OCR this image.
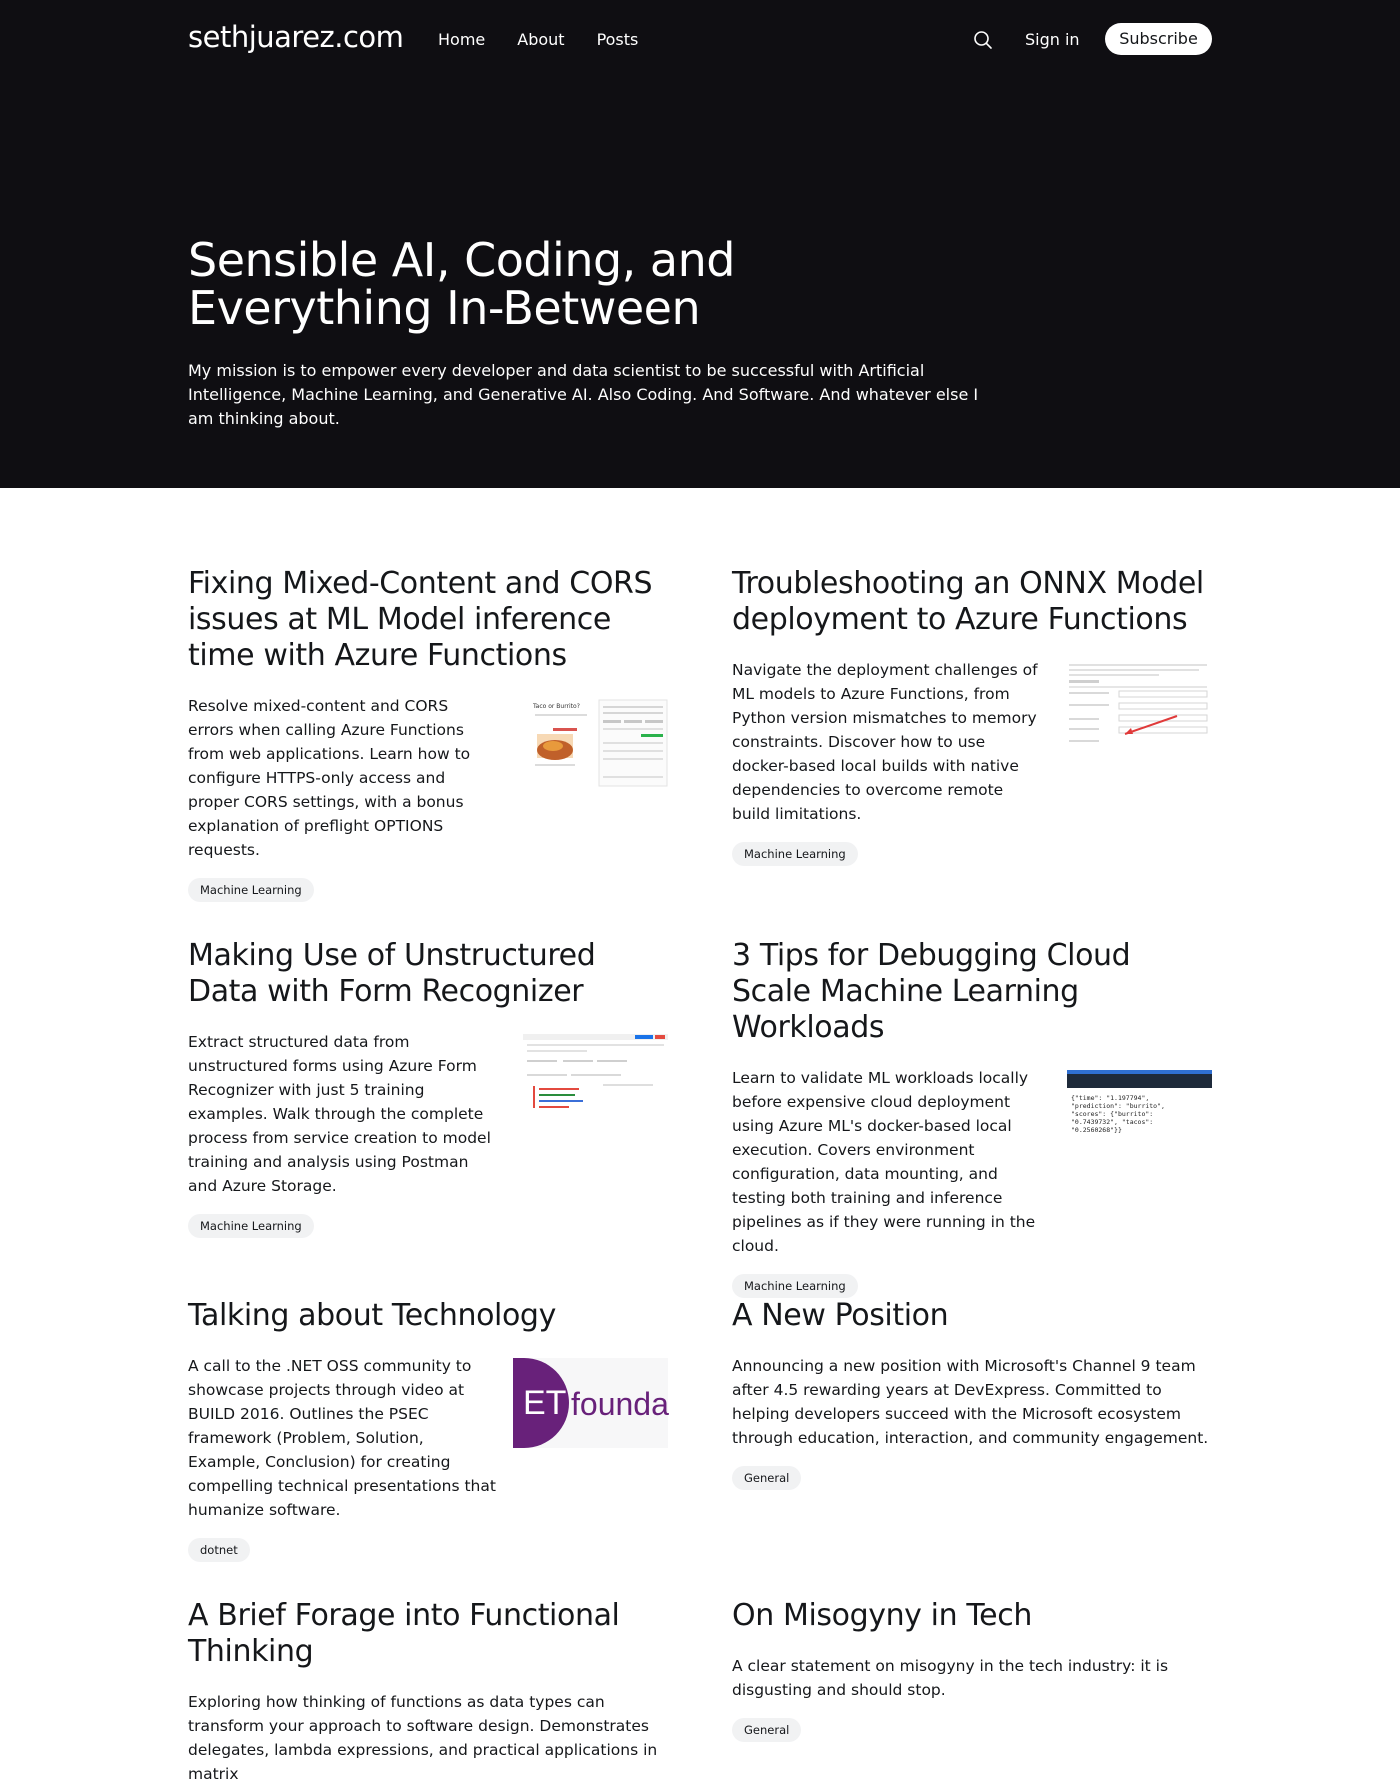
sethjuarez.com Home About Posts	Sign in	Subscribe
Sensible AI, Coding, and Everything In-Between

My mission is to empower every developer and data scientist to be successful with Artificial Intelligence, Machine Learning, and Generative AI. Also Coding. And Software. And whatever else I am thinking about.

Fixing Mixed-Content and CORS issues at ML Model inference time with Azure Functions

Resolve mixed-content and CORS errors when calling Azure Functions from web applications. Learn how to configure HTTPS-only access and proper CORS settings, with a bonus explanation of preflight OPTIONS requests.

Taco or Burrito?
Machine Learning
Troubleshooting an ONNX Model deployment to Azure Functions

Navigate the deployment challenges of ML models to Azure Functions, from Python version mismatches to memory constraints. Discover how to use docker-based local builds with native dependencies to overcome remote build limitations.

Machine Learning
Making Use of Unstructured Data with Form Recognizer

Extract structured data from unstructured forms using Azure Form Recognizer with just 5 training examples. Walk through the complete process from service creation to model training and analysis using Postman and Azure Storage.

Machine Learning
3 Tips for Debugging Cloud Scale Machine Learning Workloads

Learn to validate ML workloads locally before expensive cloud deployment using Azure ML's docker-based local execution. Covers environment configuration, data mounting, and testing both training and inference pipelines as if they were running in the cloud.

{"time": "1.197794",
"prediction": "burrito",
"scores": {"burrito":
"0.7439732", "tacos":
"0.2560268"}}
Machine Learning
Talking about Technology

A call to the .NET OSS community to showcase projects through video at BUILD 2016. Outlines the PSEC framework (Problem, Solution, Example, Conclusion) for creating compelling technical presentations that humanize software.

ET founda
dotnet
A New Position

Announcing a new position with Microsoft's Channel 9 team after 4.5 rewarding years at DevExpress. Committed to helping developers succeed with the Microsoft ecosystem through education, interaction, and community engagement.

General
A Brief Forage into Functional Thinking

Exploring how thinking of functions as data types can transform your approach to software design. Demonstrates delegates, lambda expressions, and practical applications in matrix

On Misogyny in Tech

A clear statement on misogyny in the tech industry: it is disgusting and should stop.

General
